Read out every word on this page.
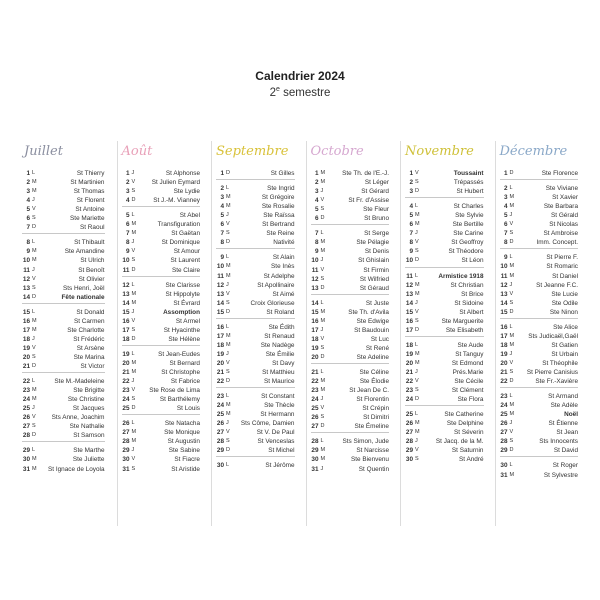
Calendrier 2024
2e semestre
Juillet
1 L	St Thierry
2 M	St Martinien
3 M	St Thomas
4 J	St Florent
5 V	St Antoine
6 S	Ste Mariette
7 D	St Raoul
8 L	St Thibault
9 M	Ste Amandine
10 M	St Ulrich
11 J	St Benoît
12 V	St Olivier
13 S	Sts Henri, Joël
14 D	Fête nationale
15 L	St Donald
16 M	St Carmen
17 M	Ste Charlotte
18 J	St Frédéric
19 V	St Arsène
20 S	Ste Marina
21 D	St Victor
22 L	Ste M.-Madeleine
23 M	Ste Brigitte
24 M	Ste Christine
25 J	St Jacques
26 V Sts Anne, Joachim
27 S	Ste Nathalie
28 D	St Samson
29 L	Ste Marthe
30 M	Ste Juliette
31 M St Ignace de Loyola
Août
1 J	St Alphonse
2 V	St Julien Eymard
3 S	Ste Lydie
4 D	St J.-M. Vianney
5 L	St Abel
6 M	Transfiguration
7 M	St Gaëtan
8 J	St Dominique
9 V	St Amour
10 S	St Laurent
11 D	Ste Claire
12 L	Ste Clarisse
13 M	St Hippolyte
14 M	St Évrard
15 J	Assomption
16 V	St Armel
17 S	St Hyacinthe
18 D	Ste Hélène
19 L	St Jean-Eudes
20 M	St Bernard
21 M	St Christophe
22 J	St Fabrice
23 V Ste Rose de Lima
24 S	St Barthélemy
25 D	St Louis
26 L	Ste Natacha
27 M	Ste Monique
28 M	St Augustin
29 J	Ste Sabine
30 V	St Fiacre
31 S	St Aristide
Septembre
1 D	St Gilles
2 L	Ste Ingrid
3 M	St Grégoire
4 M	Ste Rosalie
5 J	Ste Raïssa
6 V	St Bertrand
7 S	Ste Reine
8 D	Nativité
9 L	St Alain
10 M	Ste Inès
11 M	St Adelphe
12 J	St Apollinaire
13 V	St Aimé
14 S	Croix Glorieuse
15 D	St Roland
16 L	Ste Édith
17 M	St Renaud
18 M	Ste Nadège
19 J	Ste Émilie
20 V	St Davy
21 S	St Matthieu
22 D	St Maurice
23 L	St Constant
24 M	Ste Thècle
25 M	St Hermann
26 J Sts Côme, Damien
27 V	St V. De Paul
28 S	St Venceslas
29 D	St Michel
30 L	St Jérôme
Octobre
1 M	Ste Th. de l'E.-J.
2 M	St Léger
3 J	St Gérard
4 V	St Fr. d'Assise
5 S	Ste Fleur
6 D	St Bruno
7 L	St Serge
8 M	Ste Pélagie
9 M	St Denis
10 J	St Ghislain
11 V	St Firmin
12 S	St Wilfried
13 D	St Géraud
14 L	St Juste
15 M	Ste Th. d'Avila
16 M	Ste Edwige
17 J	St Baudouin
18 V	St Luc
19 S	St René
20 D	Ste Adeline
21 L	Ste Céline
22 M	Ste Élodie
23 M	St Jean De C.
24 J	St Florentin
25 V	St Crépin
26 S	St Dimitri
27 D	Ste Émeline
28 L	Sts Simon, Jude
29 M	St Narcisse
30 M	Ste Bienvenu
31 J	St Quentin
Novembre
1 V	Toussaint
2 S	Trépassés
3 D	St Hubert
4 L	St Charles
5 M	Ste Sylvie
6 M	Ste Bertille
7 J	Ste Carine
8 V	St Geoffroy
9 S	St Théodore
10 D	St Léon
11 L	Armistice 1918
12 M	St Christian
13 M	St Brice
14 J	St Sidoine
15 V	St Albert
16 S	Ste Marguerite
17 D	Ste Elisabeth
18 L	Ste Aude
19 M	St Tanguy
20 M	St Edmond
21 J	Prés.Marie
22 V	Ste Cécile
23 S	St Clément
24 D	Ste Flora
25 L	Ste Catherine
26 M	Ste Delphine
27 M	St Séverin
28 J	St Jacq. de la M.
29 V	St Saturnin
30 S	St André
Décembre
1 D	Ste Florence
2 L	Ste Viviane
3 M	St Xavier
4 M	Ste Barbara
5 J	St Gérald
6 V	St Nicolas
7 S	St Ambroise
8 D	Imm. Concept.
9 L	St Pierre F.
10 M	St Romaric
11 M	St Daniel
12 J	St Jeanne F.C.
13 V	Ste Lucie
14 S	Ste Odile
15 D	Ste Ninon
16 L	Ste Alice
17 M Sts Judicaël,Gaël
18 M	St Gatien
19 J	St Urbain
20 V	St Théophile
21 S St Pierre Canisius
22 D	Ste Fr.-Xavière
23 L	St Armand
24 M	Ste Adèle
25 M	Noël
26 J	St Étienne
27 V	St Jean
28 S	Sts Innocents
29 D	St David
30 L	St Roger
31 M	St Sylvestre
